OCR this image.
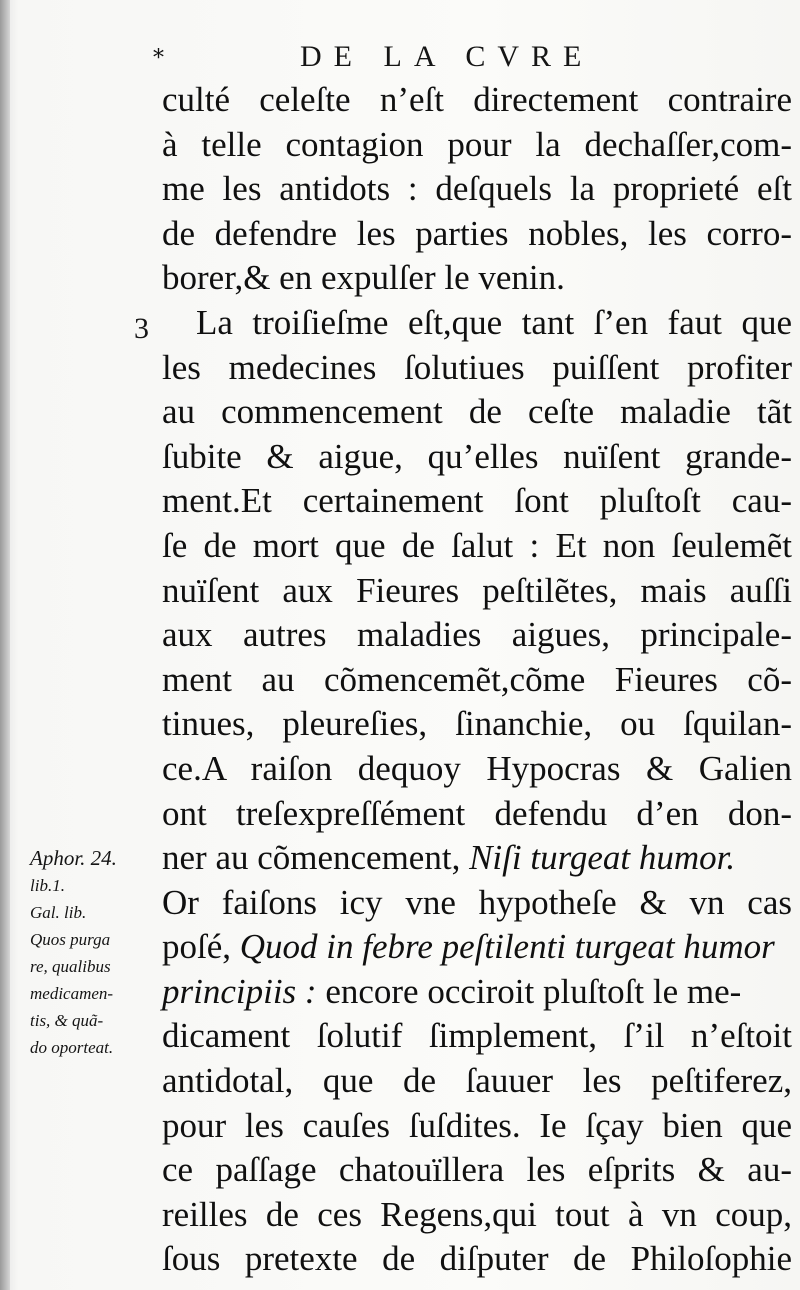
*	DE LA CVRE
3
culté celeſte n’eſt directement contraire
à telle contagion pour la dechaſſer,com-
me les antidots : deſquels la proprieté eſt
de defendre les parties nobles, les corro-
borer,& en expulſer le venin.
La troiſieſme eſt,que tant ſ’en faut que
les medecines ſolutiues puiſſent profiter
au commencement de ceſte maladie tãt
ſubite & aigue, qu’elles nuïſent grande-
ment.Et certainement ſont pluſtoſt cau-
ſe de mort que de ſalut : Et non ſeulemẽt
nuïſent aux Fieures peſtilẽtes, mais auſſi
aux autres maladies aigues, principale-
ment au cõmencemẽt,cõme Fieures cõ-
tinues, pleureſies, ſinanchie, ou ſquilan-
ce.A raiſon dequoy Hypocras & Galien
ont treſexpreſſément defendu d’en don-
ner au cõmencement, Niſi turgeat humor.
Or faiſons icy vne hypotheſe & vn cas
poſé, Quod in febre peſtilenti turgeat humor
principiis : encore occiroit pluſtoſt le me-
dicament ſolutif ſimplement, ſ’il n’eſtoit
antidotal, que de ſauuer les peſtiferez,
pour les cauſes ſuſdites. Ie ſçay bien que
ce paſſage chatouïllera les eſprits & au-
reilles de ces Regens,qui tout à vn coup,
ſous pretexte de diſputer de Philoſophie
Aphor. 24.
lib.1.
Gal. lib.
Quos purga
re, qualibus
medicamen-
tis, & quã-
do oporteat.
